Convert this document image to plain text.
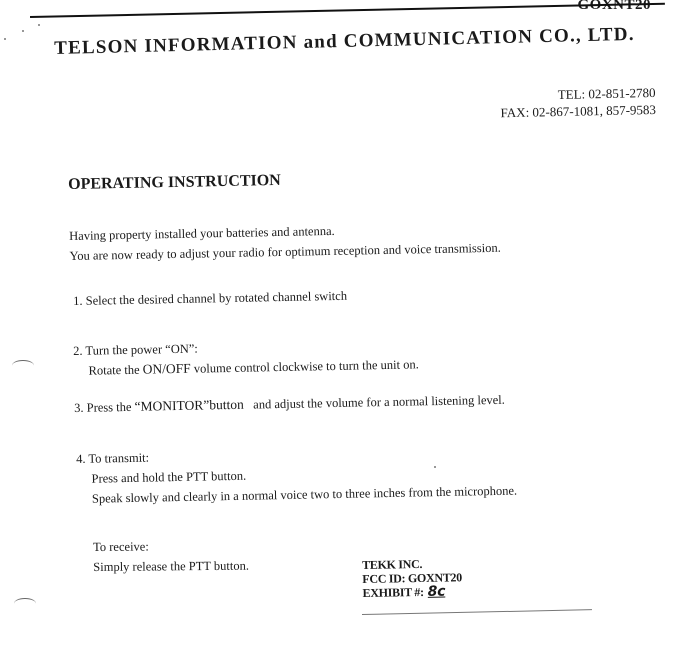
GOXNT20
TELSON INFORMATION and COMMUNICATION CO., LTD.
TEL: 02-851-2780
FAX: 02-867-1081, 857-9583
OPERATING INSTRUCTION
Having property installed your batteries and antenna.
You are now ready to adjust your radio for optimum reception and voice transmission.
1. Select the desired channel by rotated channel switch
2. Turn the power “ON”:
Rotate the ON/OFF volume control clockwise to turn the unit on.
3. Press the “MONITOR”button   and adjust the volume for a normal listening level.
4. To transmit:
Press and hold the PTT button.
Speak slowly and clearly in a normal voice two to three inches from the microphone.
To receive:
Simply release the PTT button.	TEKK INC.
FCC ID: GOXNT20
EXHIBIT #: 8c
